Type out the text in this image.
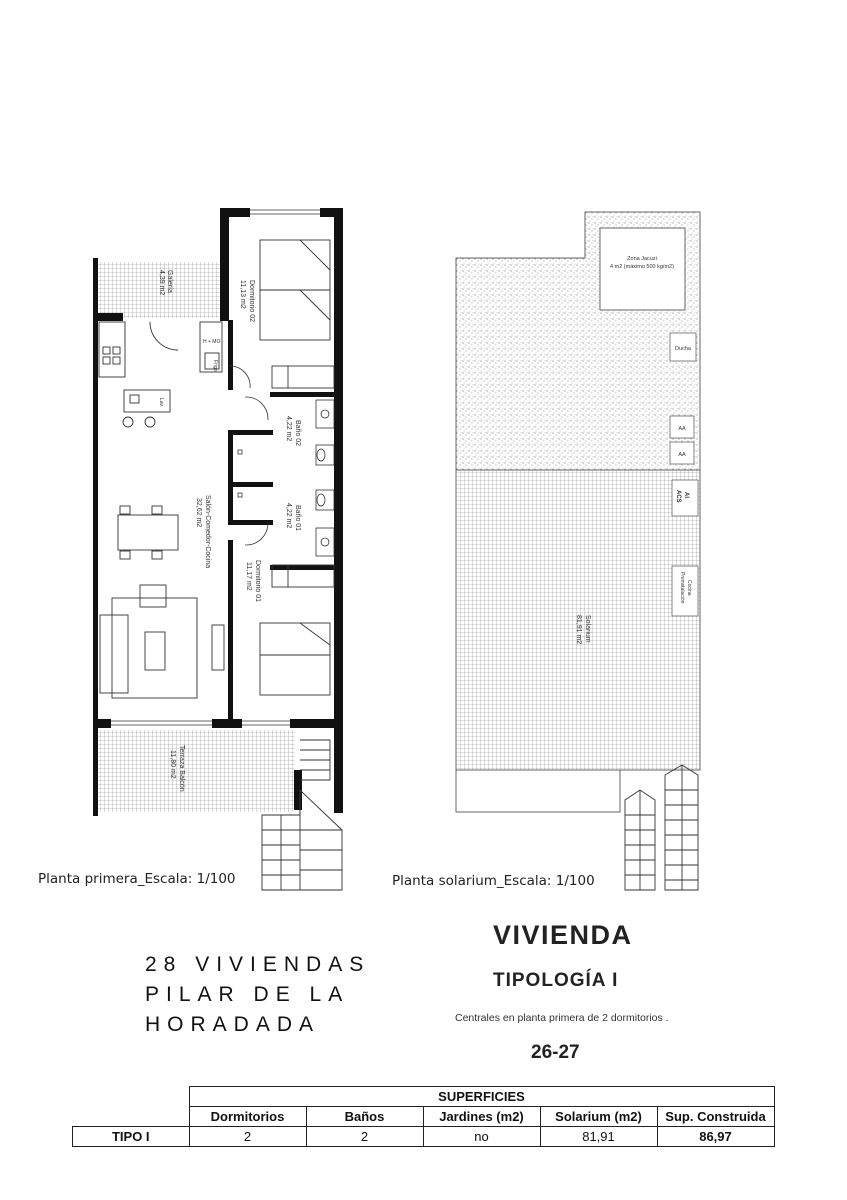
Galería
4,39 m2	Dormitorio 02
11,13 m2
Baño 02
4,22 m2
Baño 01
4,22 m2
Salón-Comedor-Cocina
32,62 m2
Dormitorio 01
11,17 m2
Terraza Balcón
11,80 m2
H + MO
Frigo
Lav.
Zona Jacuzi
4 m2 (máximo 500 kg/m2)
Ducha
AA
AA
ACS AI
Preinstalación Cocina
Solarium
81,91 m2
Planta primera_Escala: 1/100	Planta solarium_Escala: 1/100
28 VIVIENDAS
PILAR DE LA
HORADADA
VIVIENDA
TIPOLOGÍA I
Centrales en planta primera de 2 dormitorios .
26-27
	SUPERFICIES				
	Dormitorios	Baños	Jardines (m2)	Solarium (m2)	Sup. Construida
TIPO I	2	2	no	81,91	86,97
